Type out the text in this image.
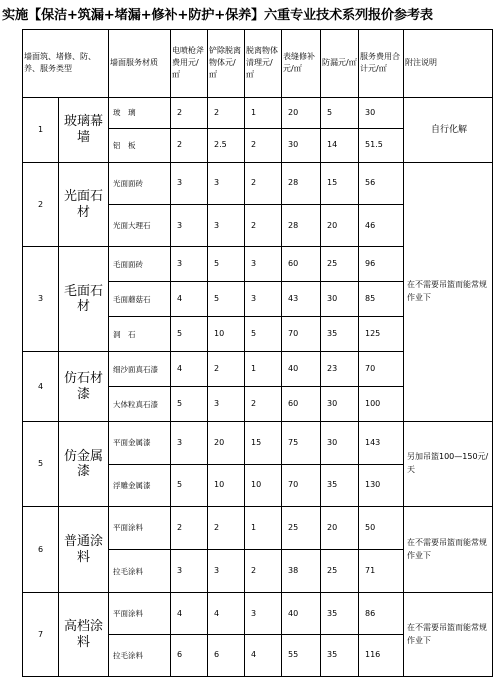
实施【保洁+筑漏+堵漏+修补+防护+保养】六重专业技术系列报价参考表
墙面筑、堵修、防、养、服务类型		墙面服务材质	电喷枪斧费用元/㎡	铲除脱离物体元/㎡	脱离物体清理元/㎡	表缝修补元/㎡	防漏元/㎡	服务费用合计元/㎡	附注说明
1	玻璃幕墙	玻　璃	2	2	1	20	5	30	自行化解
		铝　板	2	2.5	2	30	14	51.5	
2	光面石材	光面面砖	3	3	2	28	15	56	在不需要吊篮而能常规作业下
		光面大理石	3	3	2	28	20	46	
3	毛面石材	毛面面砖	3	5	3	60	25	96	
		毛面蘑菇石	4	5	3	43	30	85	
		洞　石	5	10	5	70	35	125	
4	仿石材漆	细沙面真石漆	4	2	1	40	23	70	
		大体粒真石漆	5	3	2	60	30	100	
5	仿金属漆	平面金属漆	3	20	15	75	30	143	另加吊篮100—150元/天
		浮雕金属漆	5	10	10	70	35	130	
6	普通涂料	平面涂料	2	2	1	25	20	50	在不需要吊篮而能常规作业下
		拉毛涂料	3	3	2	38	25	71	
7	高档涂料	平面涂料	4	4	3	40	35	86	在不需要吊篮而能常规作业下
		拉毛涂料	6	6	4	55	35	116	
